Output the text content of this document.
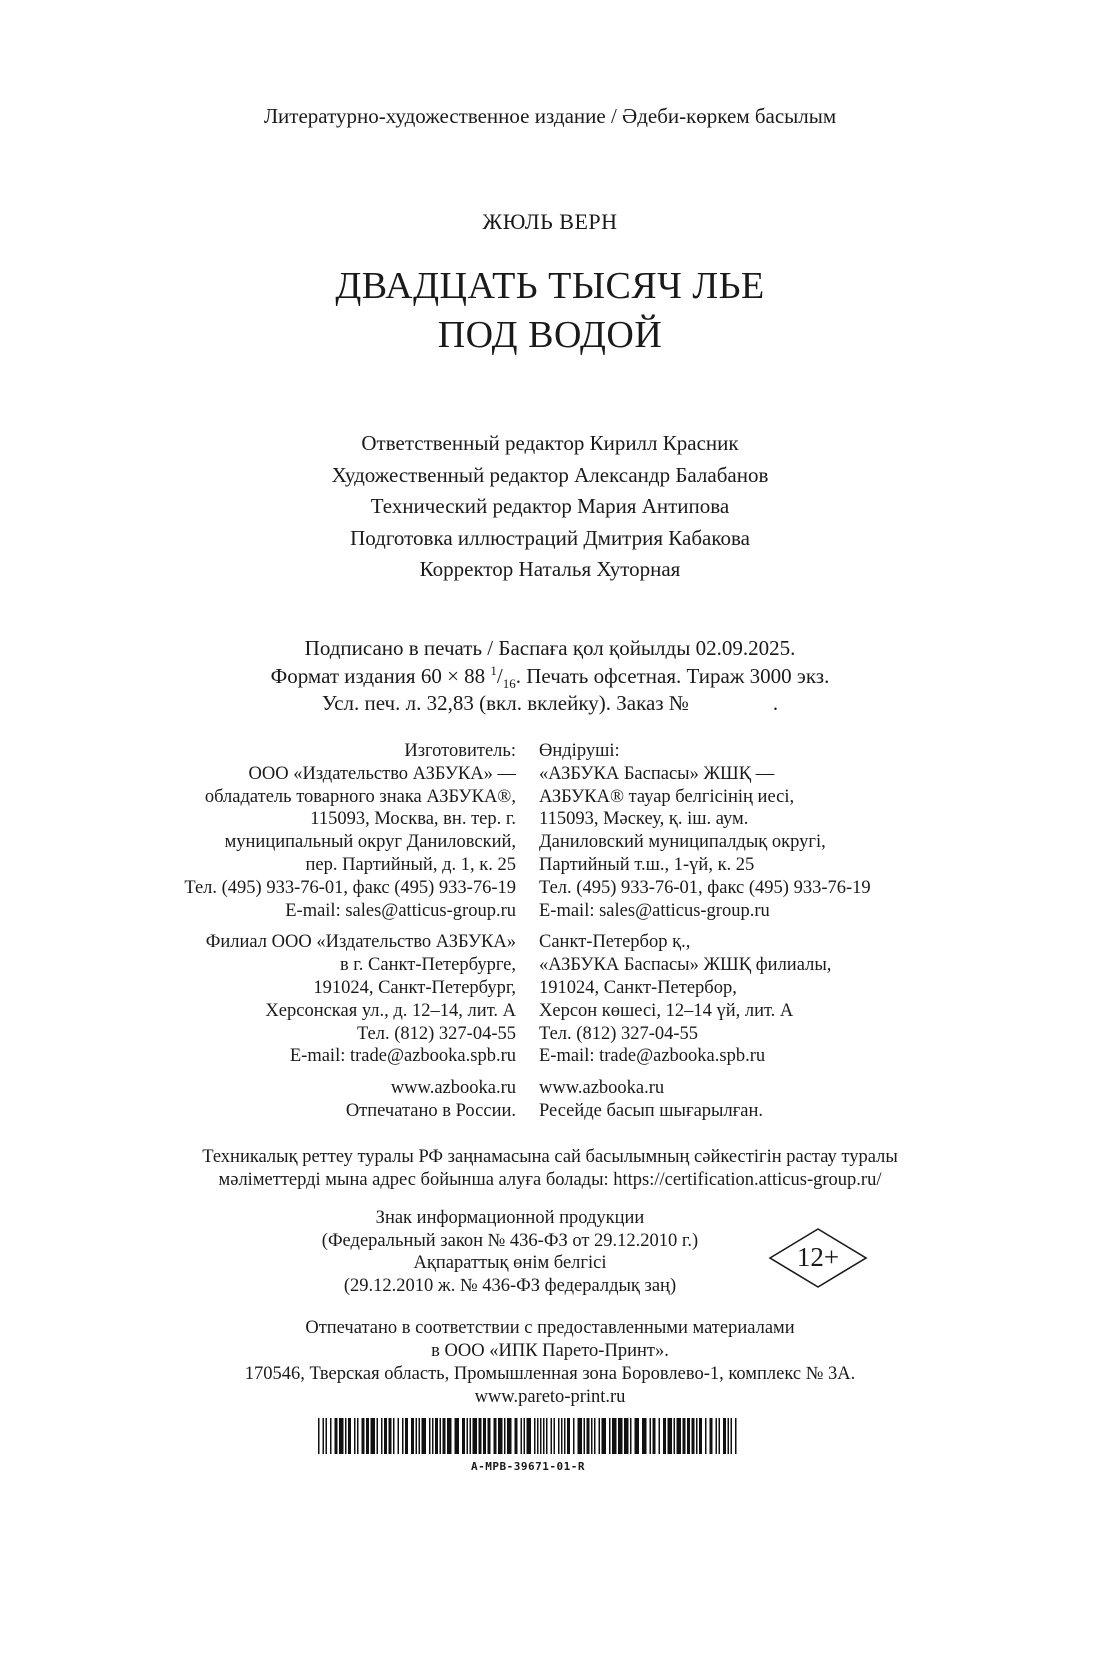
Литературно-художественное издание / Әдеби-көркем басылым
ЖЮЛЬ ВЕРН
ДВАДЦАТЬ ТЫСЯЧ ЛЬЕ
ПОД ВОДОЙ
Ответственный редактор Кирилл Красник
Художественный редактор Александр Балабанов
Технический редактор Мария Антипова
Подготовка иллюстраций Дмитрия Кабакова
Корректор Наталья Хуторная
Подписано в печать / Баспаға қол қойылды 02.09.2025.
Формат издания 60 × 88 $^1/_{16}$. Печать офсетная. Тираж 3000 экз.
Усл. печ. л. 32,83 (вкл. вклейку). Заказ №                .
Изготовитель:
ООО «Издательство АЗБУКА» —
обладатель товарного знака АЗБУКА®,
115093, Москва, вн. тер. г.
муниципальный округ Даниловский,
пер. Партийный, д. 1, к. 25
Тел. (495) 933-76-01, факс (495) 933-76-19
E-mail: sales@atticus-group.ru
Филиал ООО «Издательство АЗБУКА»
в г. Санкт-Петербурге,
191024, Санкт-Петербург,
Херсонская ул., д. 12–14, лит. А
Тел. (812) 327-04-55
E-mail: trade@azbooka.spb.ru
www.azbooka.ru
Отпечатано в России.
Өндіруші:
«АЗБУКА Баспасы» ЖШҚ —
АЗБУКА® тауар белгісінің иесі,
115093, Мәскеу, қ. іш. аум.
Даниловский муниципалдық округі,
Партийный т.ш., 1-үй, к. 25
Тел. (495) 933-76-01, факс (495) 933-76-19
E-mail: sales@atticus-group.ru
Санкт-Петербор қ.,
«АЗБУКА Баспасы» ЖШҚ филиалы,
191024, Санкт-Петербор,
Херсон көшесі, 12–14 үй, лит. А
Тел. (812) 327-04-55
E-mail: trade@azbooka.spb.ru
www.azbooka.ru
Ресейде басып шығарылған.
Техникалық реттеу туралы РФ заңнамасына сай басылымның сәйкестігін растау туралы
мәліметтерді мына адрес бойынша алуға болады: https://certification.atticus-group.ru/
Знак информационной продукции
(Федеральный закон № 436-ФЗ от 29.12.2010 г.)
Ақпараттық өнім белгісі
(29.12.2010 ж. № 436-ФЗ федералдық заң)
12+
Отпечатано в соответствии с предоставленными материалами
в ООО «ИПК Парето-Принт».
170546, Тверская область, Промышленная зона Боровлево-1, комплекс № 3А.
www.pareto-print.ru
A-MPB-39671-01-R
